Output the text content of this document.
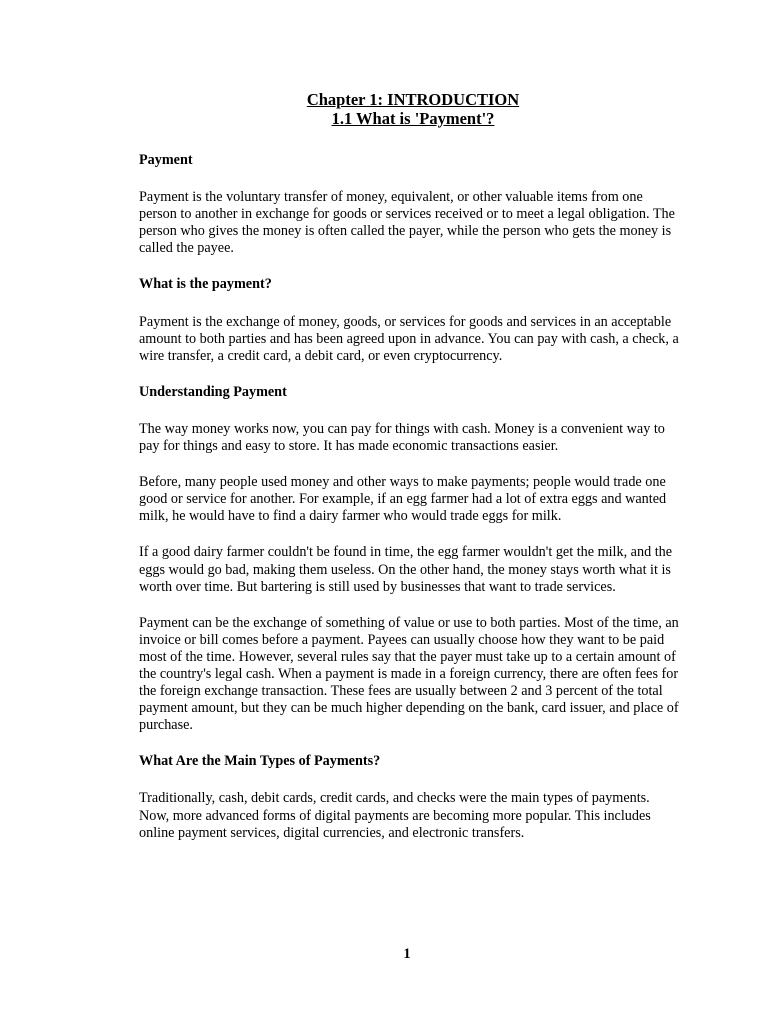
Chapter 1: INTRODUCTION
1.1 What is 'Payment'?
Payment
Payment is the voluntary transfer of money, equivalent, or other valuable items from one person to another in exchange for goods or services received or to meet a legal obligation. The person who gives the money is often called the payer, while the person who gets the money is called the payee.
What is the payment?
Payment is the exchange of money, goods, or services for goods and services in an acceptable amount to both parties and has been agreed upon in advance. You can pay with cash, a check, a wire transfer, a credit card, a debit card, or even cryptocurrency.
Understanding Payment
The way money works now, you can pay for things with cash. Money is a convenient way to pay for things and easy to store. It has made economic transactions easier.
Before, many people used money and other ways to make payments; people would trade one good or service for another. For example, if an egg farmer had a lot of extra eggs and wanted milk, he would have to find a dairy farmer who would trade eggs for milk.
If a good dairy farmer couldn't be found in time, the egg farmer wouldn't get the milk, and the eggs would go bad, making them useless. On the other hand, the money stays worth what it is worth over time. But bartering is still used by businesses that want to trade services.
Payment can be the exchange of something of value or use to both parties. Most of the time, an invoice or bill comes before a payment. Payees can usually choose how they want to be paid most of the time. However, several rules say that the payer must take up to a certain amount of the country's legal cash. When a payment is made in a foreign currency, there are often fees for the foreign exchange transaction. These fees are usually between 2 and 3 percent of the total payment amount, but they can be much higher depending on the bank, card issuer, and place of purchase.
What Are the Main Types of Payments?
Traditionally, cash, debit cards, credit cards, and checks were the main types of payments. Now, more advanced forms of digital payments are becoming more popular. This includes online payment services, digital currencies, and electronic transfers.
1
